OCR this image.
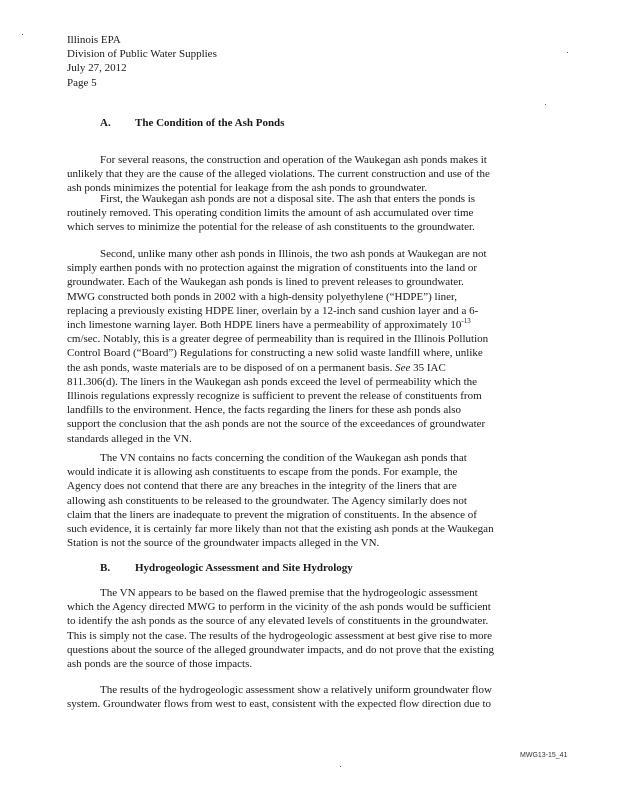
Illinois EPA
Division of Public Water Supplies
July 27, 2012
Page 5
A. The Condition of the Ash Ponds
For several reasons, the construction and operation of the Waukegan ash ponds makes it
unlikely that they are the cause of the alleged violations. The current construction and use of the
ash ponds minimizes the potential for leakage from the ash ponds to groundwater.
First, the Waukegan ash ponds are not a disposal site. The ash that enters the ponds is
routinely removed. This operating condition limits the amount of ash accumulated over time
which serves to minimize the potential for the release of ash constituents to the groundwater.
Second, unlike many other ash ponds in Illinois, the two ash ponds at Waukegan are not
simply earthen ponds with no protection against the migration of constituents into the land or
groundwater. Each of the Waukegan ash ponds is lined to prevent releases to groundwater.
MWG constructed both ponds in 2002 with a high-density polyethylene (“HDPE”) liner,
replacing a previously existing HDPE liner, overlain by a 12-inch sand cushion layer and a 6-
inch limestone warning layer. Both HDPE liners have a permeability of approximately $10^{-13}$
cm/sec. Notably, this is a greater degree of permeability than is required in the Illinois Pollution
Control Board (“Board”) Regulations for constructing a new solid waste landfill where, unlike
the ash ponds, waste materials are to be disposed of on a permanent basis. See 35 IAC
811.306(d). The liners in the Waukegan ash ponds exceed the level of permeability which the
Illinois regulations expressly recognize is sufficient to prevent the release of constituents from
landfills to the environment. Hence, the facts regarding the liners for these ash ponds also
support the conclusion that the ash ponds are not the source of the exceedances of groundwater
standards alleged in the VN.
The VN contains no facts concerning the condition of the Waukegan ash ponds that
would indicate it is allowing ash constituents to escape from the ponds. For example, the
Agency does not contend that there are any breaches in the integrity of the liners that are
allowing ash constituents to be released to the groundwater. The Agency similarly does not
claim that the liners are inadequate to prevent the migration of constituents. In the absence of
such evidence, it is certainly far more likely than not that the existing ash ponds at the Waukegan
Station is not the source of the groundwater impacts alleged in the VN.
B. Hydrogeologic Assessment and Site Hydrology
The VN appears to be based on the flawed premise that the hydrogeologic assessment
which the Agency directed MWG to perform in the vicinity of the ash ponds would be sufficient
to identify the ash ponds as the source of any elevated levels of constituents in the groundwater.
This is simply not the case. The results of the hydrogeologic assessment at best give rise to more
questions about the source of the alleged groundwater impacts, and do not prove that the existing
ash ponds are the source of those impacts.
The results of the hydrogeologic assessment show a relatively uniform groundwater flow
system. Groundwater flows from west to east, consistent with the expected flow direction due to
MWG13-15_41
